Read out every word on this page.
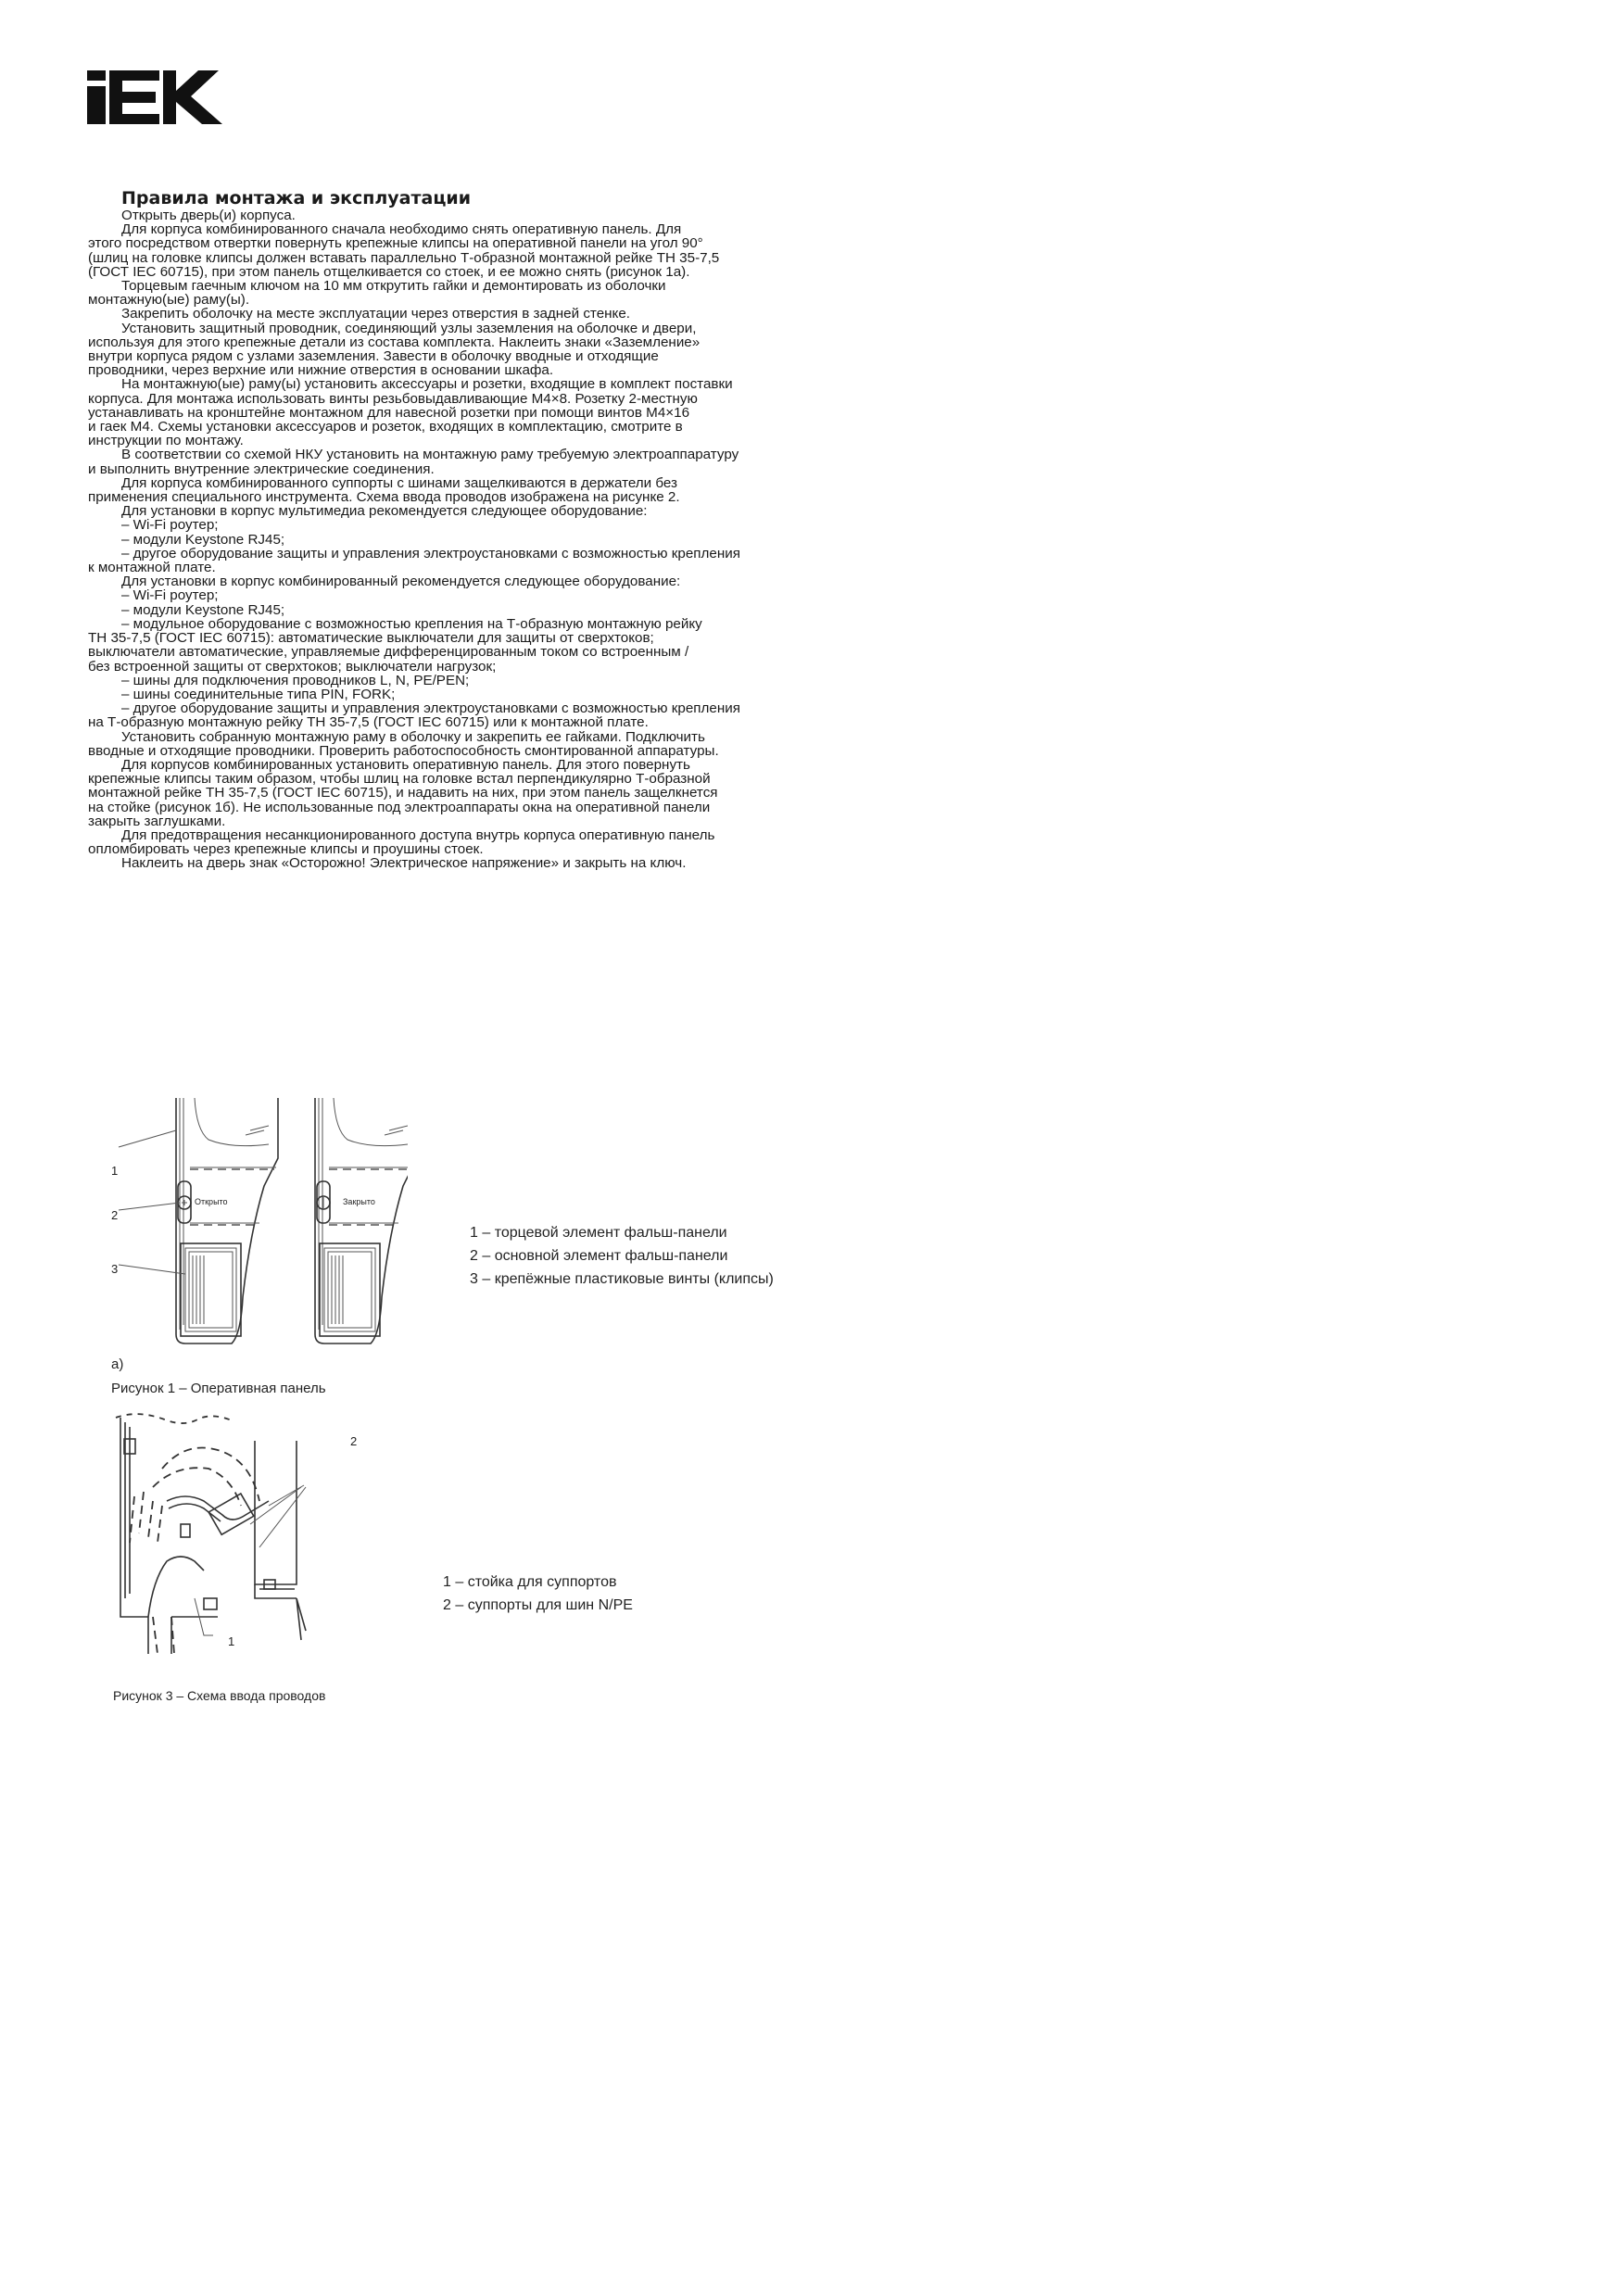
Правила монтажа и эксплуатации
Открыть дверь(и) корпуса.
Для корпуса комбинированного сначала необходимо снять оперативную панель. Для
этого посредством отвертки повернуть крепежные клипсы на оперативной панели на угол 90°
(шлиц на головке клипсы должен вставать параллельно Т-образной монтажной рейке ТН 35-7,5
(ГОСТ IEC 60715), при этом панель отщелкивается со стоек, и ее можно снять (рисунок 1а).
Торцевым гаечным ключом на 10 мм открутить гайки и демонтировать из оболочки
монтажную(ые) раму(ы).
Закрепить оболочку на месте эксплуатации через отверстия в задней стенке.
Установить защитный проводник, соединяющий узлы заземления на оболочке и двери,
используя для этого крепежные детали из состава комплекта. Наклеить знаки «Заземление»
внутри корпуса рядом с узлами заземления. Завести в оболочку вводные и отходящие
проводники, через верхние или нижние отверстия в основании шкафа.
На монтажную(ые) раму(ы) установить аксессуары и розетки, входящие в комплект поставки
корпуса. Для монтажа использовать винты резьбовыдавливающие М4×8. Розетку 2-местную
устанавливать на кронштейне монтажном для навесной розетки при помощи винтов М4×16
и гаек М4. Схемы установки аксессуаров и розеток, входящих в комплектацию, смотрите в
инструкции по монтажу.
В соответствии со схемой НКУ установить на монтажную раму требуемую электроаппаратуру
и выполнить внутренние электрические соединения.
Для корпуса комбинированного суппорты с шинами защелкиваются в держатели без
применения специального инструмента. Схема ввода проводов изображена на рисунке 2.
Для установки в корпус мультимедиа рекомендуется следующее оборудование:
– Wi-Fi роутер;
– модули Keystone RJ45;
– другое оборудование защиты и управления электроустановками с возможностью крепления
к монтажной плате.
Для установки в корпус комбинированный рекомендуется следующее оборудование:
– Wi-Fi роутер;
– модули Keystone RJ45;
– модульное оборудование с возможностью крепления на Т-образную монтажную рейку
ТН 35-7,5 (ГОСТ IEC 60715): автоматические выключатели для защиты от сверхтоков;
выключатели автоматические, управляемые дифференцированным током со встроенным /
без встроенной защиты от сверхтоков; выключатели нагрузок;
– шины для подключения проводников L, N, PE/PEN;
– шины соединительные типа PIN, FORK;
– другое оборудование защиты и управления электроустановками с возможностью крепления
на Т-образную монтажную рейку ТН 35-7,5 (ГОСТ IEC 60715) или к монтажной плате.
Установить собранную монтажную раму в оболочку и закрепить ее гайками. Подключить
вводные и отходящие проводники. Проверить работоспособность смонтированной аппаратуры.
Для корпусов комбинированных установить оперативную панель. Для этого повернуть
крепежные клипсы таким образом, чтобы шлиц на головке встал перпендикулярно Т-образной
монтажной рейке ТН 35-7,5 (ГОСТ IEC 60715), и надавить на них, при этом панель защелкнется
на стойке (рисунок 1б). Не использованные под электроаппараты окна на оперативной панели
закрыть заглушками.
Для предотвращения несанкционированного доступа внутрь корпуса оперативную панель
опломбировать через крепежные клипсы и проушины стоек.
Наклеить на дверь знак «Осторожно! Электрическое напряжение» и закрыть на ключ.
1
2
3
Открыто	Закрыто
1 – торцевой элемент фальш-панели
2 – основной элемент фальш-панели
3 – крепёжные пластиковые винты (клипсы)
а)
Рисунок 1 – Оперативная панель
2
1
1 – стойка для суппортов
2 – суппорты для шин N/PE
Рисунок 3 – Схема ввода проводов
